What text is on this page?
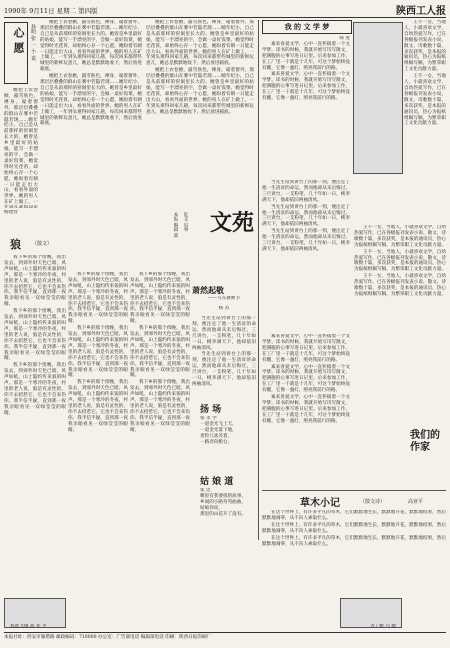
1990年 9月11日 星期二 第四版	陕西工人报
心 愿 孙明 张 一 小 说

她把上衣卷掀，露雪肤色，裸身，窥着窗外，那层层叠叠的群山在雾中若隐若现……她年纪小，自己是从前那样的窑洞里长大的。她曾是乡里最好的姑娘，能写一手漂亮的字，会做一桌好饭菜，她觉得时光荏苒，却始终心存一个心愿，她盼着有朝一日能走出大山，看看外面的世界。她的男人在矿上做工，一年到头难得回家几趟，每次回来都带些城里的新鲜玩意儿，她总是默默地收下，然后放进箱底。

她把上衣卷掀，露雪肤色，裸身，窥着窗外，那层层叠叠的群山在雾中若隐若现……她年纪小，自己是从前那样的窑洞里长大的。她曾是乡里最好的姑娘，能写一手漂亮的字，会做一桌好饭菜，她觉得时光荏苒，却始终心存一个心愿，她盼着有朝一日能走出大山，看看外面的世界。她的男人在矿上做工，一年到头难得回家几趟，每次回来都带些城里的新鲜玩意儿，她总是默默地收下，然后放进箱底。

她把上衣卷掀，露雪肤色，裸身，窥着窗外，那层层叠叠的群山在雾中若隐若现……她年纪小，自己是从前那样的窑洞里长大的。她曾是乡里最好的姑娘，能写一手漂亮的字，会做一桌好饭菜，她觉得时光荏苒，却始终心存一个心愿，她盼着有朝一日能走出大山，看看外面的世界。她的男人在矿上做工，一

她把上衣卷掀，露雪肤色，裸身，窥着窗外，那层层叠叠的群山在雾中若隐若现……她年纪小，自己是从前那样的窑洞里长大的。她曾是乡里最好的姑娘，能写一手漂亮的字，会做一桌好饭菜，她觉得时光荏苒，却始终心存一个心愿，她盼着有朝一日能走出大山，看看外面的世界。她的男人在矿上做工，一年到头难得回家几趟，每次回来都带些城里的新鲜玩意儿，她总是默默地收下，然后放进箱底。

她把上衣卷掀，露雪肤色，裸身，窥着窗外，那层层叠叠的群山在雾中若隐若现……她年纪小，自己是从前那样的窑洞里长大的。她曾是乡里最好的姑娘，能写一手漂亮的字，会做一桌好饭菜，她觉得时光荏苒，却始终心存一个心愿，她盼着有朝一日能走出大山，看看外面的世界。她的男人在矿上做工，一年到头难得回家几趟，每次回来都带些城里的新鲜玩意儿，她总是默默地收下，然后放进箱底。

文苑
征文 启事
本报 编辑 部
杨建营
狼 （散文）

我下乡的那个傍晚，我出发去，到郊外时天色已暗，风声如吼，山上隐约传来狼的叫声。那是一个寒冷的冬夜，村里的老人说，狼是有灵性的，你不去招惹它，它也不会来伤你。我半信半疑，直到那一夜我亲眼看见一双绿莹莹的眼睛。

我下乡的那个傍晚，我出发去，到郊外时天色已暗，风声如吼，山上隐约传来狼的叫声。那是一个寒冷的冬夜，村里的老人说，狼是有灵性的，你不去招惹它，它也不会来伤你。我半信半疑，直到那一夜我亲眼看见一双绿莹莹的眼睛。

我下乡的那个傍晚，我出发去，到郊外时天色已暗，风声如吼，山上隐约传来狼的叫声。那是一个寒冷的冬夜，村里的老人说，狼是有灵性的，你不去招惹它，它也不会来伤你。我半信半疑，直到那一夜我亲眼看见一双绿莹莹的眼睛。

我下乡的那个傍晚，我出发去，到郊外时天色已暗，风声如吼，山上隐约传来狼的叫声。那是一个寒冷的冬夜，村里的老人说，狼是有灵性的，你不去招惹它，它也不会来伤你。我半信半疑，直到那一夜我亲眼看见一双绿莹莹的眼睛。

我下乡的那个傍晚，我出发去，到郊外时天色已暗，风声如吼，山上隐约传来狼的叫声。那是一个寒冷的冬夜，村里的老人说，狼是有灵性的，你不去招惹它，它也不会来伤你。我半信半疑，直到那一夜我亲眼看见一双绿莹莹的眼睛。

我下乡的那个傍晚，我出发去，到郊外时天色已暗，风声如吼，山上隐约传来狼的叫声。那是一个寒冷的冬夜，村里的老人说，狼是有灵性的，你不去招惹它，它也不会来伤你。我半信半疑，直到那一夜我亲眼看见一双绿莹莹的眼睛。

我下乡的那个傍晚，我出发去，到郊外时天色已暗，风声如吼，山上隐约传来狼的叫声。那是一个寒冷的冬夜，村里的老人说，狼是有灵性的，你不去招惹它，它也不会来伤你。我半信半疑，直到那一夜我亲眼看见一双绿莹莹的眼睛。

我下乡的那个傍晚，我出发去，到郊外时天色已暗，风声如吼，山上隐约传来狼的叫声。那是一个寒冷的冬夜，村里的老人说，狼是有灵性的，你不去招惹它，它也不会来伤你。我半信半疑，直到那一夜我亲眼看见一双绿莹莹的眼睛。

我下乡的那个傍晚，我出发去，到郊外时天色已暗，风声如吼，山上隐约传来狼的叫声。那是一个寒冷的冬夜，村里的老人说，狼是有灵性的，你不去招惹它，它也不会来伤你。我半信半疑，直到那一夜我亲眼看见一双绿莹莹的眼睛。

我 的 文 学 梦
韩 进

素来喜爱文学，心中一直怀揣着一个文学梦。读书的时候，我就开始写诗写散文，把满腹的心事写进日记里。后来参加工作，在工厂里一干就是十几年，可这个梦始终没有醒，它像一盏灯，照亮我前行的路。

素来喜爱文学，心中一直怀揣着一个文学梦。读书的时候，我就开始写诗写散文，把满腹的心事写进日记里。后来参加工作，在工厂里一干就是十几年，可这个梦始终没有醒，它像一盏灯，照亮我前行的路。

王不一女，当地人，小就喜欢文学，自幼热爱写作，已在各级报刊发表小说、散文、诗歌数十篇，多次获奖，是本报的通讯员，热心为报纸组稿写稿，为繁荣职工文化贡献力量。

王不一女，当地人，小就喜欢文学，自幼热爱写作，已在各级报刊发表小说、散文、诗歌数十篇，多次获奖，是本报的通讯员，热心为报纸组稿写稿，为繁荣职工文化贡献力量。

萧然起敬
——写在教师节
杨 苏

当先生站到讲台上的那一刻，便注定了他一生清贫的命运，然而他却从未后悔过。三尺讲台，一支粉笔，几十年如一日，桃李满天下，他却依旧两袖清风。

当先生站到讲台上的那一刻，便注定了他一生清贫的命运，然而他却从未后悔过。三尺讲台，一支粉笔，几十年如一日，桃李满天下，他却依旧两袖清风。

当先生站到讲台上的那一刻，便注定了他一生清贫的命运，然而他却从未后悔过。三尺讲台，一支粉笔，几十年如一日，桃李满天下，他却依旧两袖清风。

当先生站到讲台上的那一刻，便注定了他一生清贫的命运，然而他却从未后悔过。三尺讲台，一支粉笔，几十年如一日，桃李满天下，他却依旧两袖清风。

当先生站到讲台上的那一刻，便注定了他一生清贫的命运，然而他却从未后悔过。三尺讲台，一支粉笔，几十年如一日，桃李满天下，他却依旧两袖清风。

扬 场
张 永 学
一道金光飞上天，
一道金光落下地，
麦粒儿欢笑着，
一路奔向粮仓。
姑 娘 道
张 忠
哪里有我要找的故事，
乡间的小路弯弯曲曲，
姑娘你说，
那里的山花开了没有。

素来喜爱文学，心中一直怀揣着一个文学梦。读书的时候，我就开始写诗写散文，把满腹的心事写进日记里。后来参加工作，在工厂里一干就是十几年，可这个梦始终没有醒，它像一盏灯，照亮我前行的路。

素来喜爱文学，心中一直怀揣着一个文学梦。读书的时候，我就开始写诗写散文，把满腹的心事写进日记里。后来参加工作，在工厂里一干就是十几年，可这个梦始终没有醒，它像一盏灯，照亮我前行的路。

素来喜爱文学，心中一直怀揣着一个文学梦。读书的时候，我就开始写诗写散文，把满腹的心事写进日记里。后来参加工作，在工厂里一干就是十几年，可这个梦始终没有醒，它像一盏灯，照亮我前行的路。

我们的作家

王不一女，当地人，小就喜欢文学，自幼热爱写作，已在各级报刊发表小说、散文、诗歌数十篇，多次获奖，是本报的通讯员，热心为报纸组稿写稿，为繁荣职工文化贡献力量。

王不一女，当地人，小就喜欢文学，自幼热爱写作，已在各级报刊发表小说、散文、诗歌数十篇，多次获奖，是本报的通讯员，热心为报纸组稿写稿，为繁荣职工文化贡献力量。

王不一女，当地人，小就喜欢文学，自幼热爱写作，已在各级报刊发表小说、散文、诗歌数十篇，多次获奖，是本报的通讯员，热心为报纸组稿写稿，为繁荣职工文化贡献力量。

草木小记	（散文诗）	高亚平

在这个世界上，有许多平凡的草木，它们默默地生长，默默地开花，默默地结果，然后默默地凋零，从不向人索取什么。

在这个世界上，有许多平凡的草木，它们默默地生长，默默地开花，默默地结果，然后默默地凋零，从不向人索取什么。

在这个世界上，有许多平凡的草木，它们默默地生长，默默地开花，默默地结果，然后默默地凋零，从不向人索取什么。

我愿飞翔 高 亚 平	为了树 马 骝
本报社址：西安市雁塔路 邮政编码：710000 办公室：广告部电话 编辑部电话 印刷：陕西日报印刷厂
